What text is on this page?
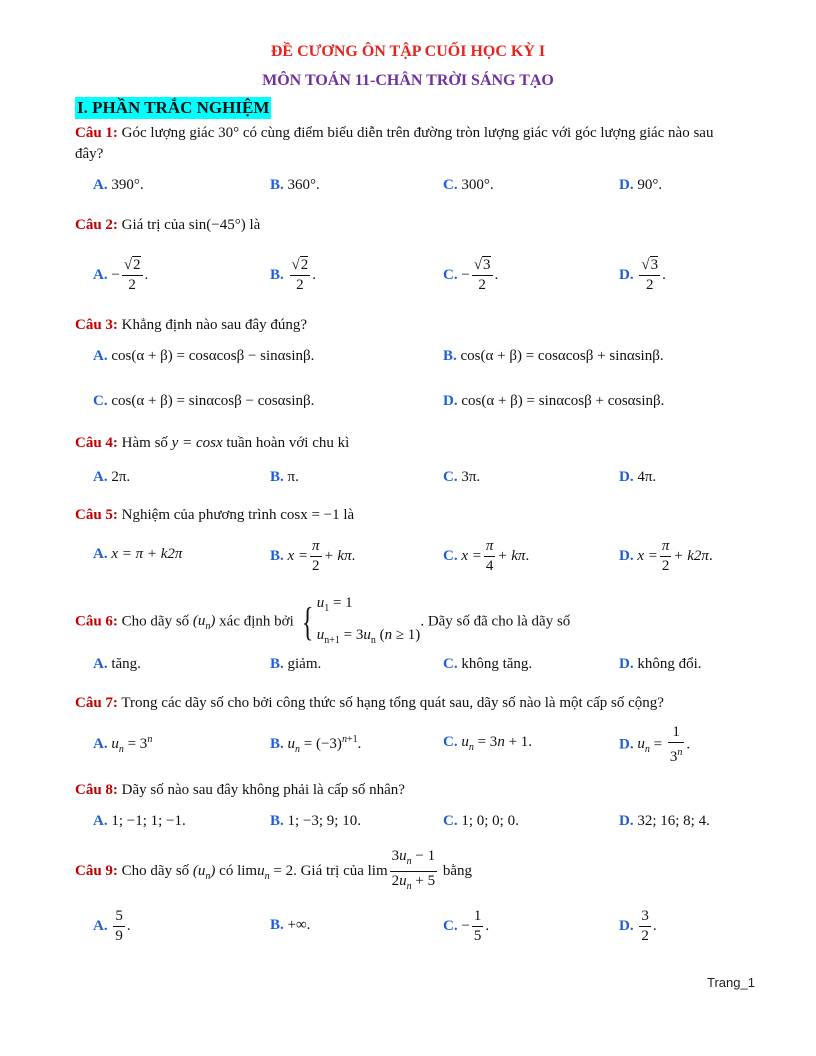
ĐỀ CƯƠNG ÔN TẬP CUỐI HỌC KỲ I
MÔN TOÁN 11-CHÂN TRỜI SÁNG TẠO
I. PHẦN TRẮC NGHIỆM
Câu 1: Góc lượng giác 30° có cùng điểm biểu diễn trên đường tròn lượng giác với góc lượng giác nào sau đây?
A. 390°.	B. 360°.	C. 300°.	D. 90°.
Câu 2: Giá trị của sin(−45°) là
A. − $\frac{√2}{2}$ .	B. $\frac{√2}{2}$ .	C. − $\frac{√3}{2}$ .	D. $\frac{√3}{2}$ .
Câu 3: Khẳng định nào sau đây đúng?
A. cos(α + β) = cosαcosβ − sinαsinβ.	B. cos(α + β) = cosαcosβ + sinαsinβ.
C. cos(α + β) = sinαcosβ − cosαsinβ.	D. cos(α + β) = sinαcosβ + cosαsinβ.
Câu 4: Hàm số y = cosx tuần hoàn với chu kì
A. 2π.	B. π.	C. 3π.	D. 4π.
Câu 5: Nghiệm của phương trình cosx = −1 là
A. x = π + k2π	B. $x = \frac{\pi}{2} + k\pi$.	C. $x = \frac{\pi}{4} + k\pi$.	D. $x = \frac{\pi}{2} + k2\pi$.
Câu 6: Cho dãy số $(u_n)$ xác định bởi { $u_1 = 1$
$u_{n+1} = 3u_n$ (n ≥ 1). Dãy số đã cho là dãy số
A. tăng.	B. giảm.	C. không tăng.	D. không đổi.
Câu 7: Trong các dãy số cho bởi công thức số hạng tổng quát sau, dãy số nào là một cấp số cộng?
A. $u_n = 3^n$	B. $u_n = (-3)^{n+1}$.	C. $u_n = 3n + 1$.	D. $u_n = \frac{1}{3^n}$ .
Câu 8: Dãy số nào sau đây không phải là cấp số nhân?
A. 1; −1; 1; −1.	B. 1; −3; 9; 10.	C. 1; 0; 0; 0.	D. 32; 16; 8; 4.
Câu 9: Cho dãy số $(u_n)$ có limu$_n$ = 2. Giá trị của $\lim \frac{3u_n - 1}{2u_n + 5}$ bằng
A. $\frac{5}{9}$ .	B. +∞.	C. − $\frac{1}{5}$ .	D. $\frac{3}{2}$ .
Trang_1
